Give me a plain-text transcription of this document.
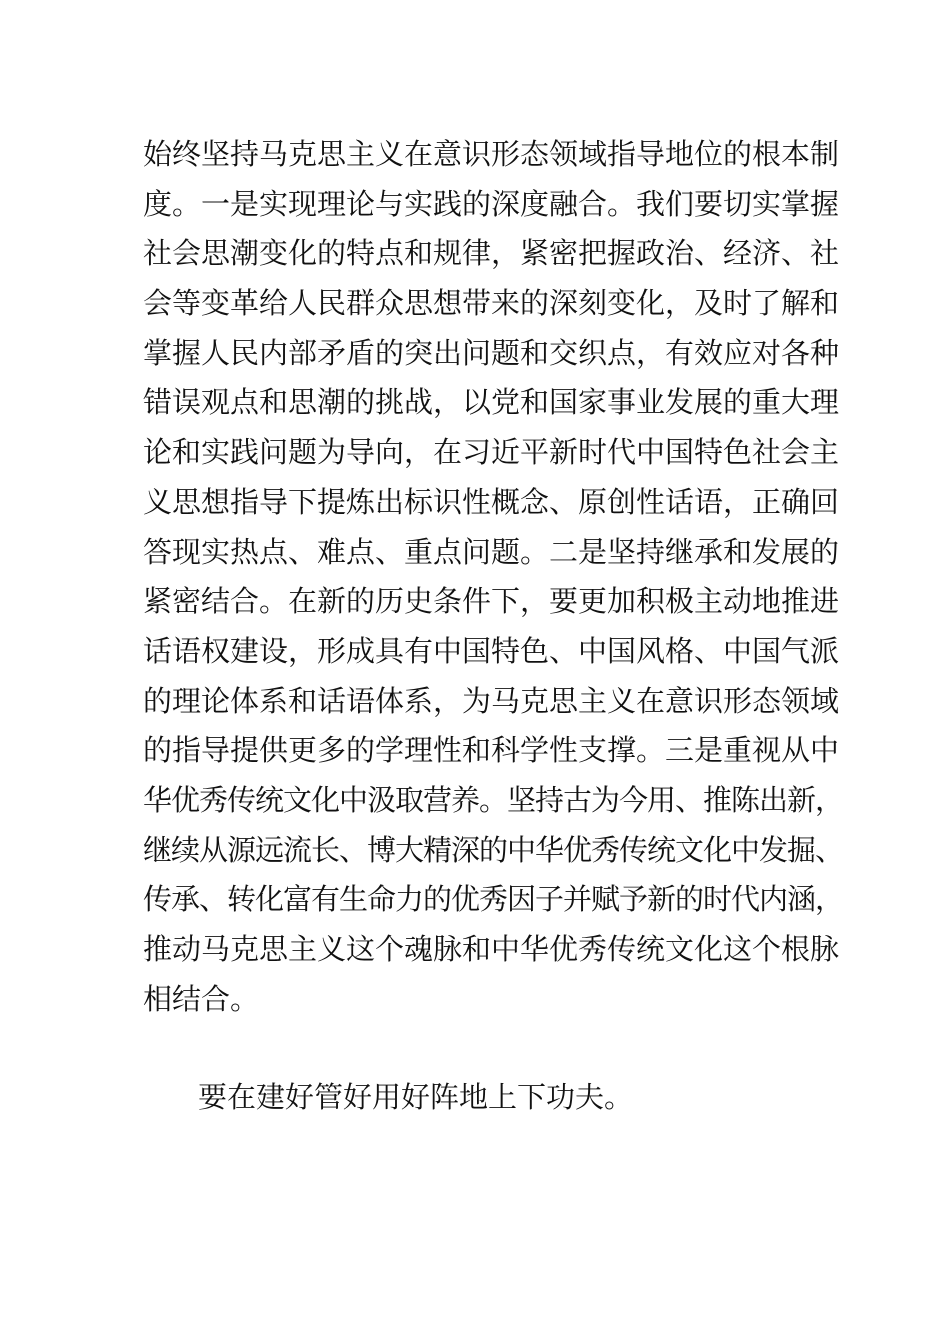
始终坚持马克思主义在意识形态领域指导地位的根本制
度。一是实现理论与实践的深度融合。我们要切实掌握
社会思潮变化的特点和规律，紧密把握政治、经济、社
会等变革给人民群众思想带来的深刻变化，及时了解和
掌握人民内部矛盾的突出问题和交织点，有效应对各种
错误观点和思潮的挑战，以党和国家事业发展的重大理
论和实践问题为导向，在习近平新时代中国特色社会主
义思想指导下提炼出标识性概念、原创性话语，正确回
答现实热点、难点、重点问题。二是坚持继承和发展的
紧密结合。在新的历史条件下，要更加积极主动地推进
话语权建设，形成具有中国特色、中国风格、中国气派
的理论体系和话语体系，为马克思主义在意识形态领域
的指导提供更多的学理性和科学性支撑。三是重视从中
华优秀传统文化中汲取营养。坚持古为今用、推陈出新，
继续从源远流长、博大精深的中华优秀传统文化中发掘、
传承、转化富有生命力的优秀因子并赋予新的时代内涵，
推动马克思主义这个魂脉和中华优秀传统文化这个根脉
相结合。

要在建好管好用好阵地上下功夫。
